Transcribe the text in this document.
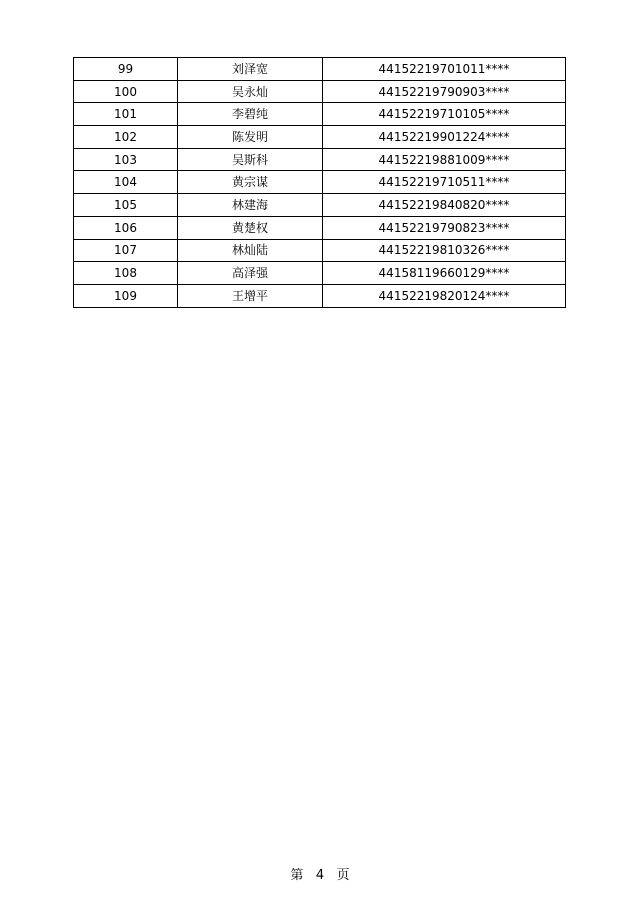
99	刘泽宽	44152219701011****
100	吴永灿	44152219790903****
101	李碧纯	44152219710105****
102	陈发明	44152219901224****
103	吴斯科	44152219881009****
104	黄宗谋	44152219710511****
105	林建海	44152219840820****
106	黄楚权	44152219790823****
107	林灿陆	44152219810326****
108	高泽强	44158119660129****
109	王增平	44152219820124****
第 4 页
